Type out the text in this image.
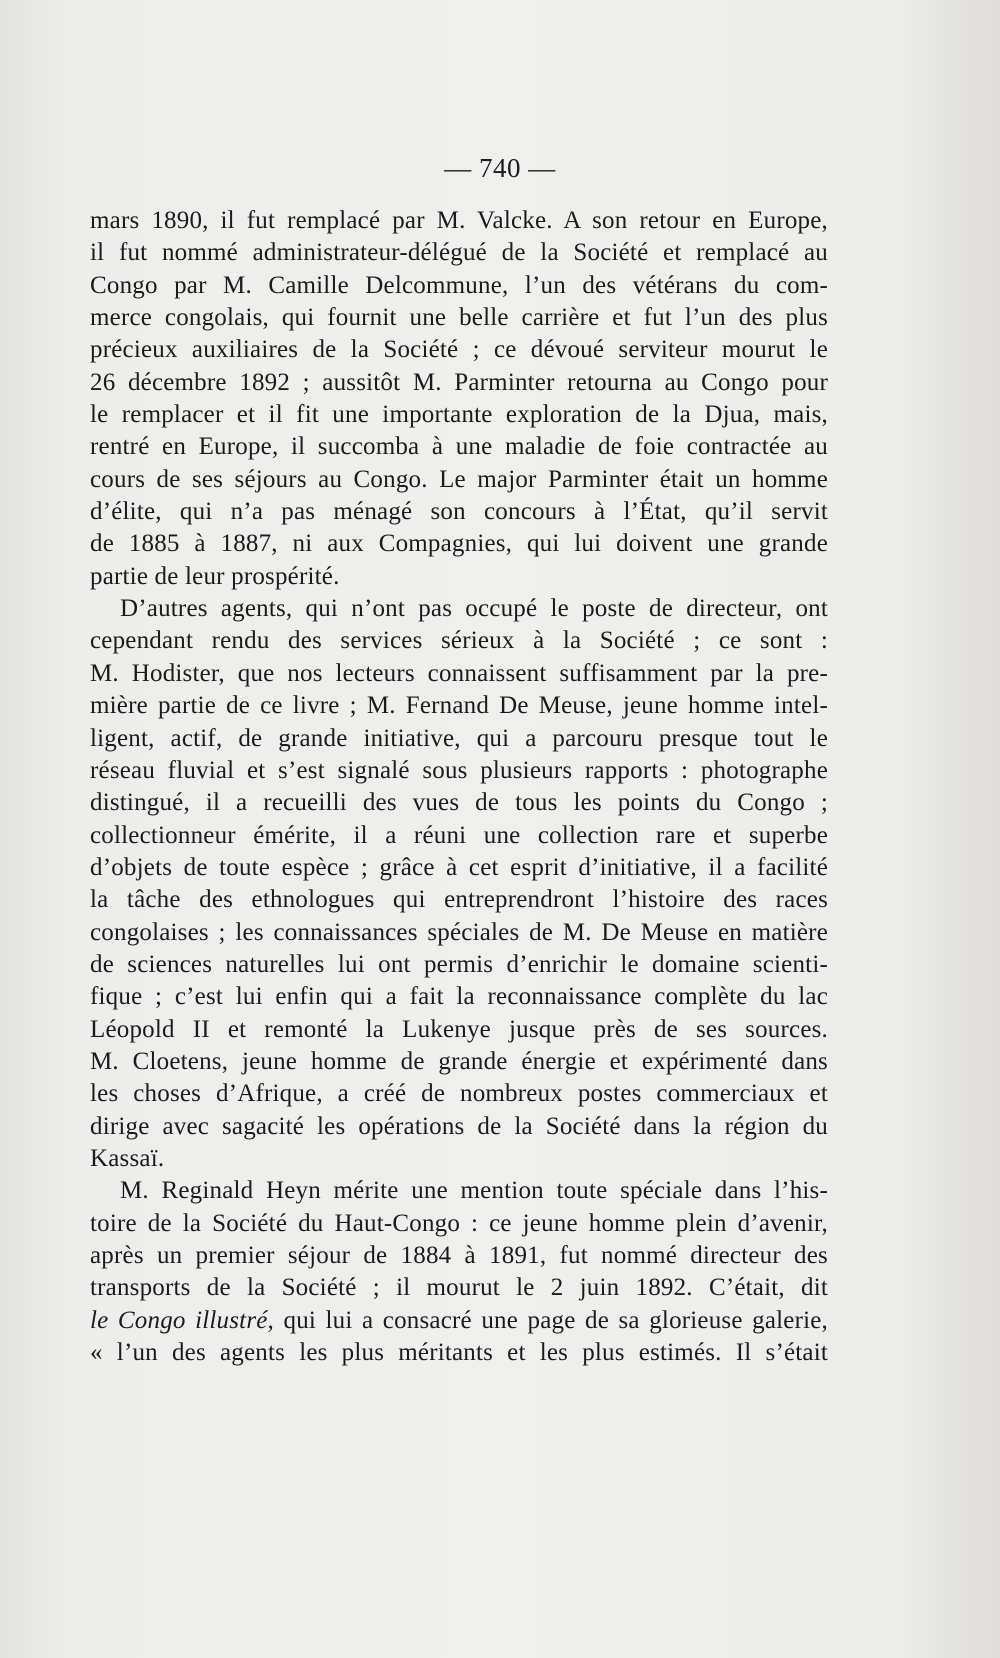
— 740 —
mars 1890, il fut remplacé par M. Valcke. A son retour en Europe,
il fut nommé administrateur-délégué de la Société et remplacé au
Congo par M. Camille Delcommune, l’un des vétérans du com-
merce congolais, qui fournit une belle carrière et fut l’un des plus
précieux auxiliaires de la Société ; ce dévoué serviteur mourut le
26 décembre 1892 ; aussitôt M. Parminter retourna au Congo pour
le remplacer et il fit une importante exploration de la Djua, mais,
rentré en Europe, il succomba à une maladie de foie contractée au
cours de ses séjours au Congo. Le major Parminter était un homme
d’élite, qui n’a pas ménagé son concours à l’État, qu’il servit
de 1885 à 1887, ni aux Compagnies, qui lui doivent une grande
partie de leur prospérité.
D’autres agents, qui n’ont pas occupé le poste de directeur, ont
cependant rendu des services sérieux à la Société ; ce sont :
M. Hodister, que nos lecteurs connaissent suffisamment par la pre-
mière partie de ce livre ; M. Fernand De Meuse, jeune homme intel-
ligent, actif, de grande initiative, qui a parcouru presque tout le
réseau fluvial et s’est signalé sous plusieurs rapports : photographe
distingué, il a recueilli des vues de tous les points du Congo ;
collectionneur émérite, il a réuni une collection rare et superbe
d’objets de toute espèce ; grâce à cet esprit d’initiative, il a facilité
la tâche des ethnologues qui entreprendront l’histoire des races
congolaises ; les connaissances spéciales de M. De Meuse en matière
de sciences naturelles lui ont permis d’enrichir le domaine scienti-
fique ; c’est lui enfin qui a fait la reconnaissance complète du lac
Léopold II et remonté la Lukenye jusque près de ses sources.
M. Cloetens, jeune homme de grande énergie et expérimenté dans
les choses d’Afrique, a créé de nombreux postes commerciaux et
dirige avec sagacité les opérations de la Société dans la région du
Kassaï.
M. Reginald Heyn mérite une mention toute spéciale dans l’his-
toire de la Société du Haut-Congo : ce jeune homme plein d’avenir,
après un premier séjour de 1884 à 1891, fut nommé directeur des
transports de la Société ; il mourut le 2 juin 1892. C’était, dit
le Congo illustré, qui lui a consacré une page de sa glorieuse galerie,
« l’un des agents les plus méritants et les plus estimés. Il s’était
